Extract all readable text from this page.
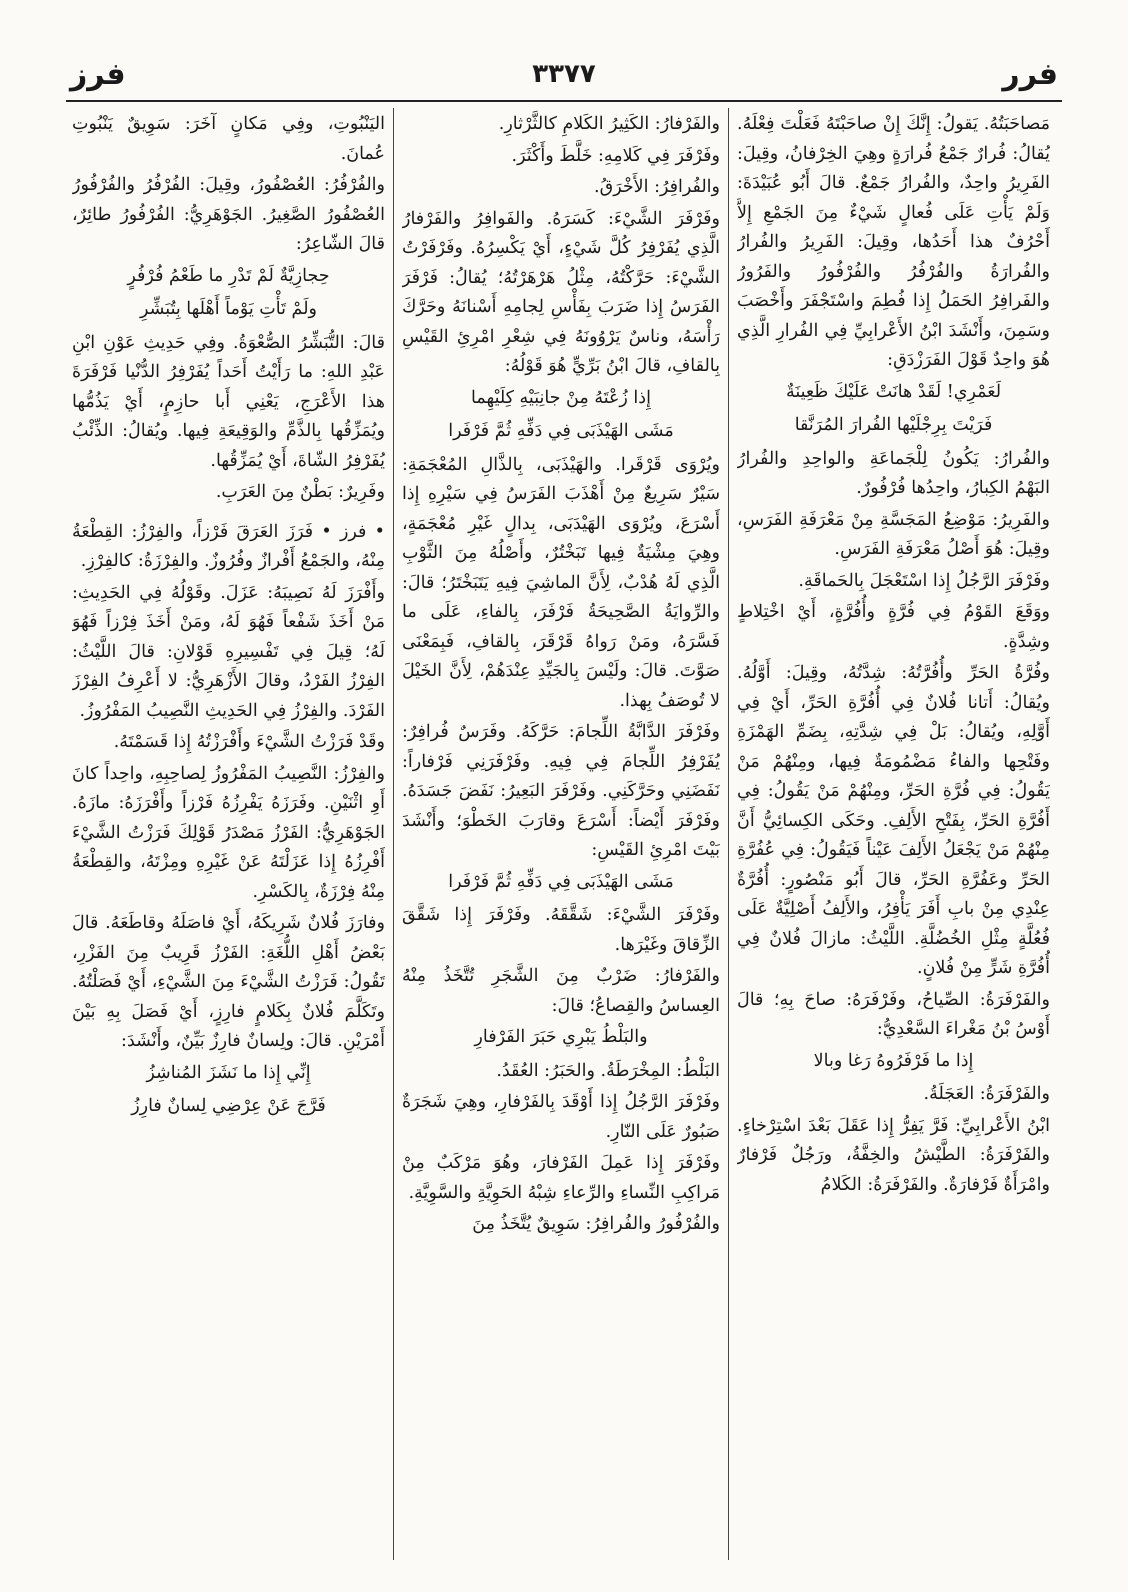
فرر
٣٣٧٧
فرز

مَصاحَبَتُهُ. يَقولُ: إِنَّكَ إِنْ صاحَبْتَهُ فَعَلْتَ فِعْلَهُ. يُقالُ: فُرارٌ جَمْعُ فُرارَةٍ وهِيَ الخِرْفانُ، وقِيلَ: الفَرِيرُ واحِدٌ، والفُرارُ جَمْعٌ. قالَ أَبُو عُبَيْدَةَ: وَلَمْ يَأْتِ عَلَى فُعالٍ شَيْءٌ مِنَ الجَمْعِ إِلاَّ أَحْرُفٌ هذا أَحَدُها، وقِيلَ: الفَرِيرُ والفُرارُ والفُرارَةُ والفُرْفُرُ والفُرْفُورُ والفَرُورُ والفَرافِرُ الحَمَلُ إِذا فُطِمَ واسْتَجْفَرَ وأَخْصَبَ وسَمِنَ، وأَنْشَدَ ابْنُ الأَعْرابِيِّ فِي الفُرارِ الَّذِي هُوَ واحِدٌ قَوْلَ الفَرَزْدَقِ:

لَعَمْرِي! لَقَدْ هانَتْ عَلَيْكَ ظَعِينَةٌ

فَرَيْتَ بِرِجْلَيْها الفُرارَ المُرَنَّقا

والفُرارُ: يَكُونُ لِلْجَماعَةِ والواحِدِ والفُرارُ البَهْمُ الكِبارُ، واحِدُها فُرْفُورٌ.

والفَرِيرُ: مَوْضِعُ المَجَسَّةِ مِنْ مَعْرَفَةِ الفَرَسِ، وقِيلَ: هُوَ أَصْلُ مَعْرَفَةِ الفَرَسِ.

وفَرْفَرَ الرَّجُلُ إِذا اسْتَعْجَلَ بِالحَماقَةِ.

ووَقَعَ القَوْمُ فِي فُرَّةٍ وأُفُرَّةٍ، أَيْ اخْتِلاطٍ وشِدَّةٍ.

وفُرَّةُ الحَرِّ وأُفُرَّتُهُ: شِدَّتُهُ، وقِيلَ: أَوَّلُهُ. ويُقالُ: أَتانا فُلانٌ فِي أُفُرَّةِ الحَرِّ، أَيْ فِي أَوَّلِهِ، ويُقالُ: بَلْ فِي شِدَّتِهِ، بِضَمِّ الهَمْزَةِ وفَتْحِها والفاءُ مَضْمُومَةٌ فِيها، ومِنْهُمْ مَنْ يَقُولُ: فِي فُرَّةِ الحَرِّ، ومِنْهُمْ مَنْ يَقُولُ: فِي أَفُرَّةِ الحَرِّ، بِفَتْحِ الأَلِفِ. وحَكَى الكِسائِيُّ أَنَّ مِنْهُمْ مَنْ يَجْعَلُ الأَلِفَ عَيْناً فَيَقُولُ: فِي عُفُرَّةِ الحَرِّ وعَفُرَّةِ الحَرِّ، قالَ أَبُو مَنْصُورٍ: أُفُرَّةٌ عِنْدِي مِنْ بابِ أَفَرَ يَأْفِرُ، والأَلِفُ أَصْلِيَّةٌ عَلَى فُعُلَّةٍ مِثْلِ الخُضُلَّةِ. اللَّيْثُ: مازالَ فُلانٌ فِي أُفُرَّةِ شَرٍّ مِنْ فُلانٍ.

والفَرْفَرَةُ: الصِّياحُ، وفَرْفَرَهُ: صاحَ بِهِ؛ قالَ أَوْسُ بْنُ مَغْراءَ السَّعْدِيُّ:

إِذا ما فَرْفَرُوهُ رَغا وبالا

والفَرْفَرَةُ: العَجَلَةُ.

ابْنُ الأَعْرابِيِّ: فَرَّ يَفِرُّ إِذا عَقَلَ بَعْدَ اسْتِرْخاءٍ. والفَرْفَرَةُ: الطَّيْشُ والخِفَّةُ، ورَجُلٌ فَرْفارٌ وامْرَأَةٌ فَرْفارَةٌ. والفَرْفَرَةُ: الكَلامُ

والفَرْفارُ: الكَثِيرُ الكَلامِ كالثَّرْثارِ.

وفَرْفَرَ فِي كَلامِهِ: خَلَّطَ وأَكْثَرَ.

والفُرافِرُ: الأَخْرَقُ.

وفَرْفَرَ الشَّيْءَ: كَسَرَهُ. والفَوافِرُ والفَرْفارُ الَّذِي يُفَرْفِرُ كُلَّ شَيْءٍ، أَيْ يَكْسِرُهُ. وفَرْفَرْتُ الشَّيْءَ: حَرَّكْتُهُ، مِثْلُ هَرْهَرْتُهُ؛ يُقالُ: فَرْفَرَ الفَرَسُ إِذا ضَرَبَ بِفَأْسِ لِجامِهِ أَسْنانَهُ وحَرَّكَ رَأْسَهُ، وناسٌ يَرْوُونَهُ فِي شِعْرِ امْرِئِ القَيْسِ بِالقافِ، قالَ ابْنُ بَرِّيٍّ هُوَ قَوْلُهُ:

إِذا زُعْتَهُ مِنْ جانِبَيْهِ كِلَيْهِما

مَشَى الهَيْذَبَى فِي دَفِّهِ ثُمَّ فَرْفَرا

ويُرْوَى قَرْقَرا. والهَيْذَبَى، بِالذَّالِ المُعْجَمَةِ: سَيْرٌ سَرِيعٌ مِنْ أَهْذَبَ الفَرَسُ فِي سَيْرِهِ إِذا أَسْرَعَ، ويُرْوَى الهَيْدَبَى، بِدالٍ غَيْرِ مُعْجَمَةٍ، وهِيَ مِشْيَةٌ فِيها تَبَخْتُرٌ، وأَصْلُهُ مِنَ الثَّوْبِ الَّذِي لَهُ هُدْبٌ، لِأَنَّ الماشِيَ فِيهِ يَتَبَخْتَرُ؛ قالَ: والرِّوايَةُ الصَّحِيحَةُ فَرْفَرَ، بِالفاءِ، عَلَى ما فَسَّرَهُ، ومَنْ رَواهُ قَرْقَرَ، بِالقافِ، فَبِمَعْنَى صَوَّتَ. قالَ: ولَيْسَ بِالجَيِّدِ عِنْدَهُمْ، لِأَنَّ الخَيْلَ لا تُوصَفُ بِهذا.

وفَرْفَرَ الدَّابَّةُ اللِّجامَ: حَرَّكَهُ. وفَرَسٌ فُرافِرٌ: يُفَرْفِرُ اللِّجامَ فِي فِيهِ. وفَرْفَرَنِي فَرْفاراً: نَفَضَنِي وحَرَّكَنِي. وفَرْفَرَ البَعِيرُ: نَفَضَ جَسَدَهُ. وفَرْفَرَ أَيْضاً: أَسْرَعَ وقارَبَ الخَطْوَ؛ وأَنْشَدَ بَيْتَ امْرِئِ القَيْسِ:

مَشَى الهَيْذَبَى فِي دَفِّهِ ثُمَّ فَرْفَرا

وفَرْفَرَ الشَّيْءَ: شَقَّقَهُ. وفَرْفَرَ إِذا شَقَّقَ الزِّقاقَ وغَيْرَها.

والفَرْفارُ: ضَرْبٌ مِنَ الشَّجَرِ تُتَّخَذُ مِنْهُ العِساسُ والقِصاعُ؛ قالَ:

والبَلْطُ يَبْرِي حَبَرَ الفَرْفارِ

البَلْطُ: المِخْرَطَةُ. والحَبَرُ: العُقَدُ.

وفَرْفَرَ الرَّجُلُ إِذا أَوْقَدَ بِالفَرْفارِ، وهِيَ شَجَرَةٌ صَبُورٌ عَلَى النّارِ.

وفَرْفَرَ إِذا عَمِلَ الفَرْفارَ، وهُوَ مَرْكَبٌ مِنْ مَراكِبِ النِّساءِ والرِّعاءِ شِبْهُ الحَوِيَّةِ والسَّوِيَّةِ.

والفُرْفُورُ والفُرافِرُ: سَوِيقٌ يُتَّخَذُ مِنَ

اليَنْبُوتِ، وفِي مَكانٍ آخَرَ: سَوِيقٌ يَنْبُوتِ عُمانَ.

والفُرْفُرُ: العُصْفُورُ، وقِيلَ: الفُرْفُرُ والفُرْفُورُ العُصْفُورُ الصَّغِيرُ. الجَوْهَرِيُّ: الفُرْفُورُ طائِرٌ، قالَ الشّاعِرُ:

حِجازِيَّةٌ لَمْ تَدْرِ ما طَعْمُ فُرْفُرٍ

ولَمْ تَأْتِ يَوْماً أَهْلَها بِتُبَشِّرِ

قالَ: التُّبَشِّرُ الصُّعْوَةُ. وفِي حَدِيثِ عَوْنِ ابْنِ عَبْدِ اللهِ: ما رَأَيْتُ أَحَداً يُفَرْفِرُ الدُّنْيا فَرْفَرَةَ هذا الأَعْرَجِ، يَعْنِي أَبا حازِمٍ، أَيْ يَذُمُّها ويُمَزِّقُها بِالذَّمِّ والوَقِيعَةِ فِيها. ويُقالُ: الذِّئْبُ يُفَرْفِرُ الشّاةَ، أَيْ يُمَزِّقُها.

وفَرِيرٌ: بَطْنٌ مِنَ العَرَبِ.

• فرز • فَرَزَ العَرَقَ فَرْزاً، والفِرْزُ: القِطْعَةُ مِنْهُ، والجَمْعُ أَفْرازٌ وفُرُوزٌ. والفِرْزَةُ: كالفِرْزِ.

وأَفْرَزَ لَهُ نَصِيبَهُ: عَزَلَ. وقَوْلُهُ فِي الحَدِيثِ: مَنْ أَخَذَ شَفْعاً فَهُوَ لَهُ، ومَنْ أَخَذَ فِرْزاً فَهُوَ لَهُ؛ قِيلَ فِي تَفْسِيرِهِ قَوْلانِ: قالَ اللَّيْثُ: الفِرْزُ الفَرْدُ، وقالَ الأَزْهَرِيُّ: لا أَعْرِفُ الفِرْزَ الفَرْدَ. والفِرْزُ فِي الحَدِيثِ النَّصِيبُ المَفْرُوزُ.

وقَدْ فَرَزْتُ الشَّيْءَ وأَفْرَزْتُهُ إِذا قَسَمْتَهُ.

والفِرْزُ: النَّصِيبُ المَفْرُوزُ لِصاحِبِهِ، واحِداً كانَ أَوِ اثْنَيْنِ. وفَرَزَهُ يَفْرِزُهُ فَرْزاً وأَفْرَزَهُ: مازَهُ. الجَوْهَرِيُّ: الفَرْزُ مَصْدَرُ قَوْلِكَ فَرَزْتُ الشَّيْءَ أَفْرِزُهُ إِذا عَزَلْتَهُ عَنْ غَيْرِهِ ومِزْتَهُ، والقِطْعَةُ مِنْهُ فِرْزَةٌ، بِالكَسْرِ.

وفارَزَ فُلانٌ شَرِيكَهُ، أَيْ فاصَلَهُ وقاطَعَهُ. قالَ بَعْضُ أَهْلِ اللُّغَةِ: الفَرْزُ قَرِيبٌ مِنَ الفَزْرِ، تَقُولُ: فَرَزْتُ الشَّيْءَ مِنَ الشَّيْءِ، أَيْ فَصَلْتُهُ. وتَكَلَّمَ فُلانٌ بِكَلامٍ فارِزٍ، أَيْ فَصَلَ بِهِ بَيْنَ أَمْرَيْنِ. قالَ: ولِسانٌ فارِزٌ بَيِّنٌ، وأَنْشَدَ:

إِنِّي إِذا ما نَشَزَ المُناشِزُ

فَرَّجَ عَنْ عِرْضِي لِسانٌ فارِزُ
